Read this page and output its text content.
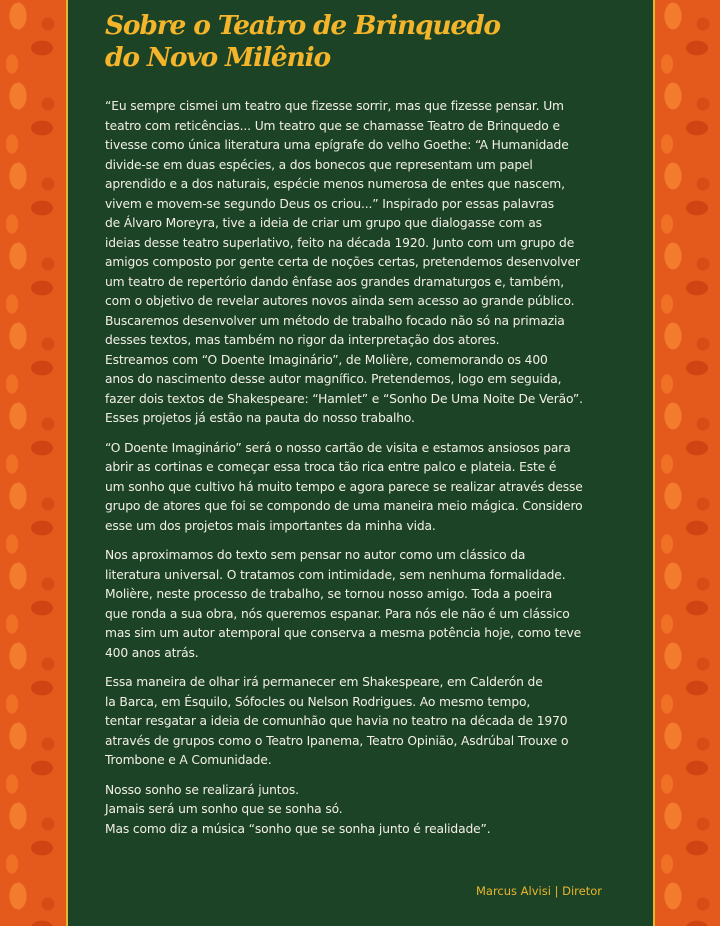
Sobre o Teatro de Brinquedo
do Novo Milênio
“Eu sempre cismei um teatro que fizesse sorrir, mas que fizesse pensar. Um
teatro com reticências... Um teatro que se chamasse Teatro de Brinquedo e
tivesse como única literatura uma epígrafe do velho Goethe: “A Humanidade
divide-se em duas espécies, a dos bonecos que representam um papel
aprendido e a dos naturais, espécie menos numerosa de entes que nascem,
vivem e movem-se segundo Deus os criou...” Inspirado por essas palavras
de Álvaro Moreyra, tive a ideia de criar um grupo que dialogasse com as
ideias desse teatro superlativo, feito na década 1920. Junto com um grupo de
amigos composto por gente certa de noções certas, pretendemos desenvolver
um teatro de repertório dando ênfase aos grandes dramaturgos e, também,
com o objetivo de revelar autores novos ainda sem acesso ao grande público.
Buscaremos desenvolver um método de trabalho focado não só na primazia
desses textos, mas também no rigor da interpretação dos atores.
Estreamos com “O Doente Imaginário”, de Molière, comemorando os 400
anos do nascimento desse autor magnífico. Pretendemos, logo em seguida,
fazer dois textos de Shakespeare: “Hamlet” e “Sonho De Uma Noite De Verão”.
Esses projetos já estão na pauta do nosso trabalho.
“O Doente Imaginário” será o nosso cartão de visita e estamos ansiosos para
abrir as cortinas e começar essa troca tão rica entre palco e plateia. Este é
um sonho que cultivo há muito tempo e agora parece se realizar através desse
grupo de atores que foi se compondo de uma maneira meio mágica. Considero
esse um dos projetos mais importantes da minha vida.
Nos aproximamos do texto sem pensar no autor como um clássico da
literatura universal. O tratamos com intimidade, sem nenhuma formalidade.
Molière, neste processo de trabalho, se tornou nosso amigo. Toda a poeira
que ronda a sua obra, nós queremos espanar. Para nós ele não é um clássico
mas sim um autor atemporal que conserva a mesma potência hoje, como teve
400 anos atrás.
Essa maneira de olhar irá permanecer em Shakespeare, em Calderón de
la Barca, em Ésquilo, Sófocles ou Nelson Rodrigues. Ao mesmo tempo,
tentar resgatar a ideia de comunhão que havia no teatro na década de 1970
através de grupos como o Teatro Ipanema, Teatro Opinião, Asdrúbal Trouxe o
Trombone e A Comunidade.
Nosso sonho se realizará juntos.
Jamais será um sonho que se sonha só.
Mas como diz a música “sonho que se sonha junto é realidade”.

Marcus Alvisi | Diretor
